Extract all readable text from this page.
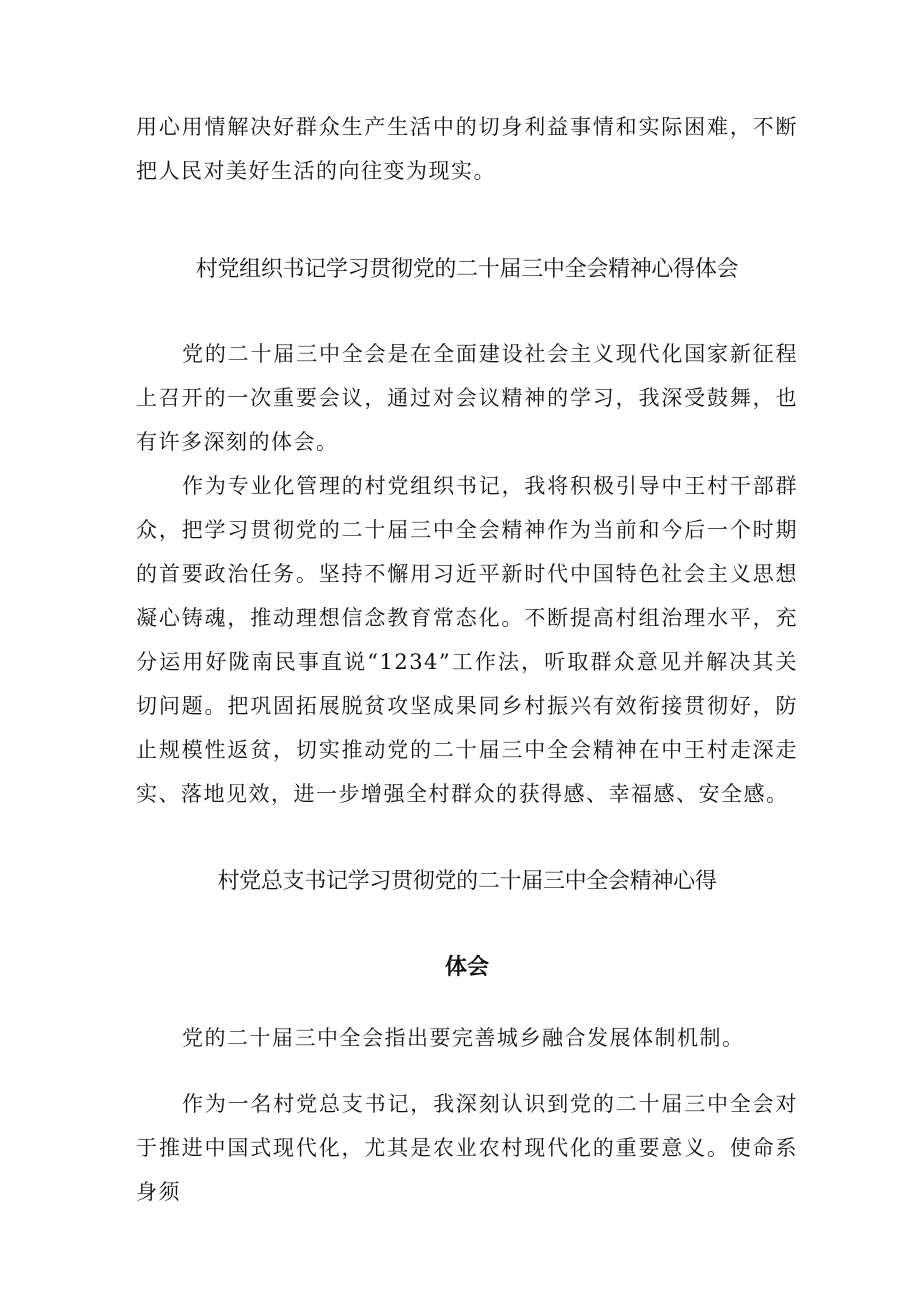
用心用情解决好群众生产生活中的切身利益事情和实际困难，不断把人民对美好生活的向往变为现实。

村党组织书记学习贯彻党的二十届三中全会精神心得体会

党的二十届三中全会是在全面建设社会主义现代化国家新征程上召开的一次重要会议，通过对会议精神的学习，我深受鼓舞，也有许多深刻的体会。

作为专业化管理的村党组织书记，我将积极引导中王村干部群众，把学习贯彻党的二十届三中全会精神作为当前和今后一个时期的首要政治任务。坚持不懈用习近平新时代中国特色社会主义思想凝心铸魂，推动理想信念教育常态化。不断提高村组治理水平，充分运用好陇南民事直说“1234”工作法，听取群众意见并解决其关切问题。把巩固拓展脱贫攻坚成果同乡村振兴有效衔接贯彻好，防止规模性返贫，切实推动党的二十届三中全会精神在中王村走深走实、落地见效，进一步增强全村群众的获得感、幸福感、安全感。

村党总支书记学习贯彻党的二十届三中全会精神心得
体会

党的二十届三中全会指出要完善城乡融合发展体制机制。

作为一名村党总支书记，我深刻认识到党的二十届三中全会对于推进中国式现代化，尤其是农业农村现代化的重要意义。使命系身须
